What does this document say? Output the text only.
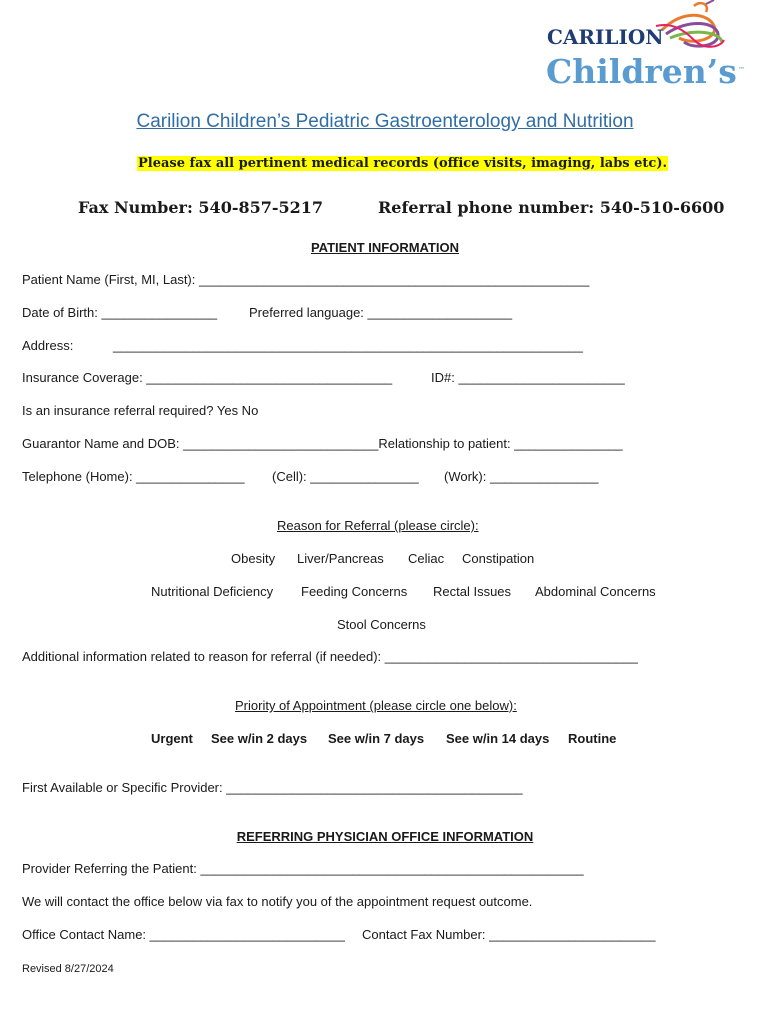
CARILION
Children’s ™
Carilion Children’s Pediatric Gastroenterology and Nutrition
Please fax all pertinent medical records (office visits, imaging, labs etc).
Fax Number: 540-857-5217	Referral phone number: 540-510-6600
PATIENT INFORMATION
Patient Name (First, MI, Last): ______________________________________________________
Date of Birth: ________________ Preferred language: ____________________
Address:	_________________________________________________________________
Insurance Coverage: __________________________________	ID#: _______________________
Is an insurance referral required? Yes No
Guarantor Name and DOB: ___________________________Relationship to patient: _______________
Telephone (Home): _______________ (Cell): _______________ (Work): _______________
Reason for Referral (please circle):
Obesity Liver/Pancreas Celiac Constipation
Nutritional Deficiency Feeding Concerns Rectal Issues Abdominal Concerns
Stool Concerns
Additional information related to reason for referral (if needed): ___________________________________
Priority of Appointment (please circle one below):
Urgent See w/in 2 days See w/in 7 days See w/in 14 days Routine
First Available or Specific Provider: _________________________________________
REFERRING PHYSICIAN OFFICE INFORMATION
Provider Referring the Patient: _____________________________________________________
We will contact the office below via fax to notify you of the appointment request outcome.
Office Contact Name: ___________________________ Contact Fax Number: _______________________
Revised 8/27/2024
